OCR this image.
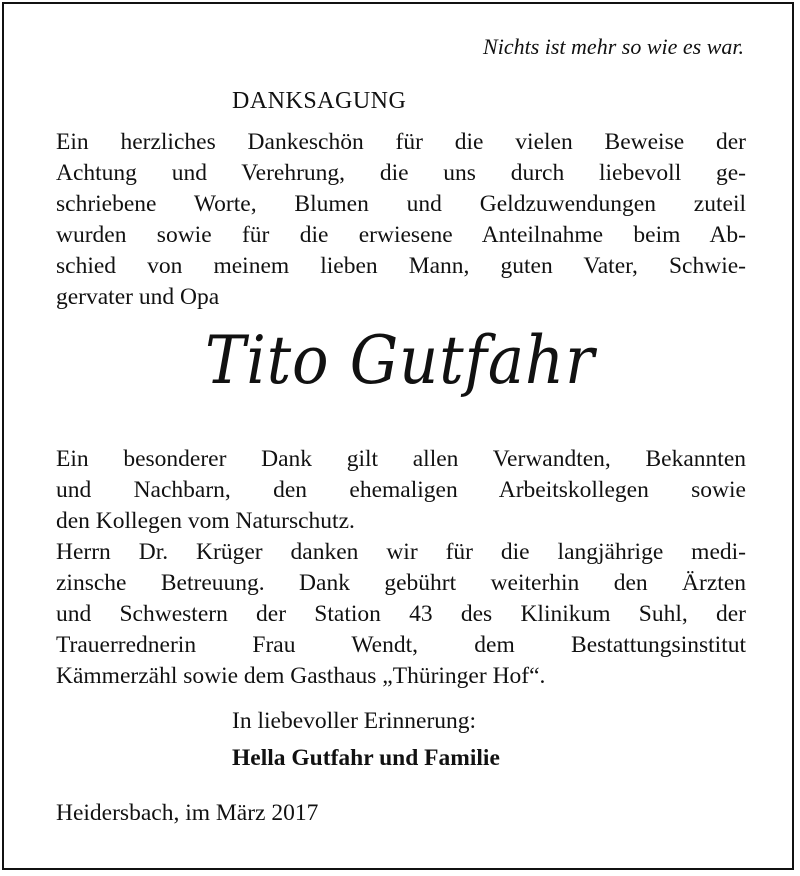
Nichts ist mehr so wie es war.
DANKSAGUNG
Ein herzliches Dankeschön für die vielen Beweise der
Achtung und Verehrung, die uns durch liebevoll ge-
schriebene Worte, Blumen und Geldzuwendungen zuteil
wurden sowie für die erwiesene Anteilnahme beim Ab-
schied von meinem lieben Mann, guten Vater, Schwie-
gervater und Opa
Tito Gutfahr
Ein besonderer Dank gilt allen Verwandten, Bekannten
und Nachbarn, den ehemaligen Arbeitskollegen sowie
den Kollegen vom Naturschutz.
Herrn Dr. Krüger danken wir für die langjährige medi-
zinsche Betreuung. Dank gebührt weiterhin den Ärzten
und Schwestern der Station 43 des Klinikum Suhl, der
Trauerrednerin Frau Wendt, dem Bestattungsinstitut
Kämmerzähl sowie dem Gasthaus „Thüringer Hof“.
In liebevoller Erinnerung:
Hella Gutfahr und Familie
Heidersbach, im März 2017
